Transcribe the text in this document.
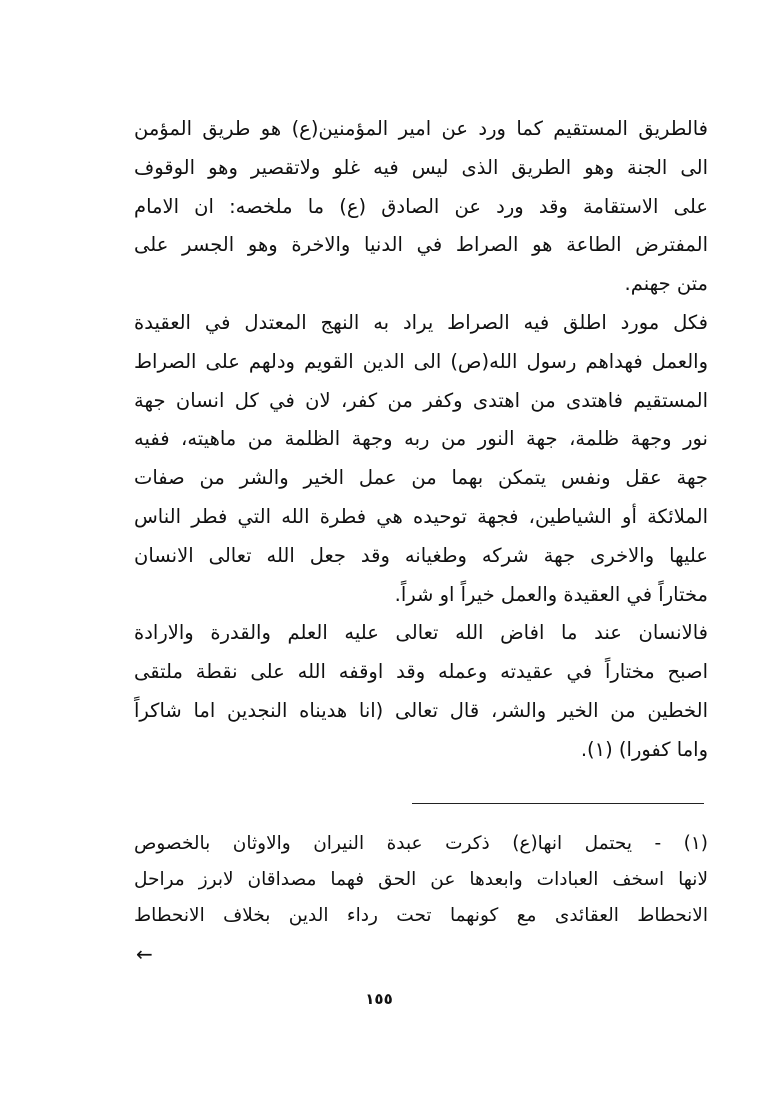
فالطريق المستقيم كما ورد عن امير المؤمنين(ع) هو طريق المؤمن
الى الجنة وهو الطريق الذى ليس فيه غلو ولاتقصير وهو الوقوف
على الاستقامة وقد ورد عن الصادق (ع) ما ملخصه: ان الامام
المفترض الطاعة هو الصراط في الدنيا والاخرة وهو الجسر على
متن جهنم.

فكل مورد اطلق فيه الصراط يراد به النهج المعتدل في العقيدة
والعمل فهداهم رسول الله(ص) الى الدين القويم ودلهم على الصراط
المستقيم فاهتدى من اهتدى وكفر من كفر، لان في كل انسان جهة
نور وجهة ظلمة، جهة النور من ربه وجهة الظلمة من ماهيته، ففيه
جهة عقل ونفس يتمكن بهما من عمل الخير والشر من صفات
الملائكة أو الشياطين، فجهة توحيده هي فطرة الله التي فطر الناس
عليها والاخرى جهة شركه وطغيانه وقد جعل الله تعالى الانسان
مختاراً في العقيدة والعمل خيراً او شراً.

فالانسان عند ما افاض الله تعالى عليه العلم والقدرة والارادة
اصبح مختاراً في عقيدته وعمله وقد اوقفه الله على نقطة ملتقى
الخطين من الخير والشر، قال تعالى (انا هديناه النجدين اما شاكراً
واما كفورا) (١).

(١) - يحتمل انها(ع) ذكرت عبدة النيران والاوثان بالخصوص
لانها اسخف العبادات وابعدها عن الحق فهما مصداقان لابرز مراحل
الانحطاط العقائدى مع كونهما تحت رداء الدين بخلاف الانحطاط
←
١٥٥
